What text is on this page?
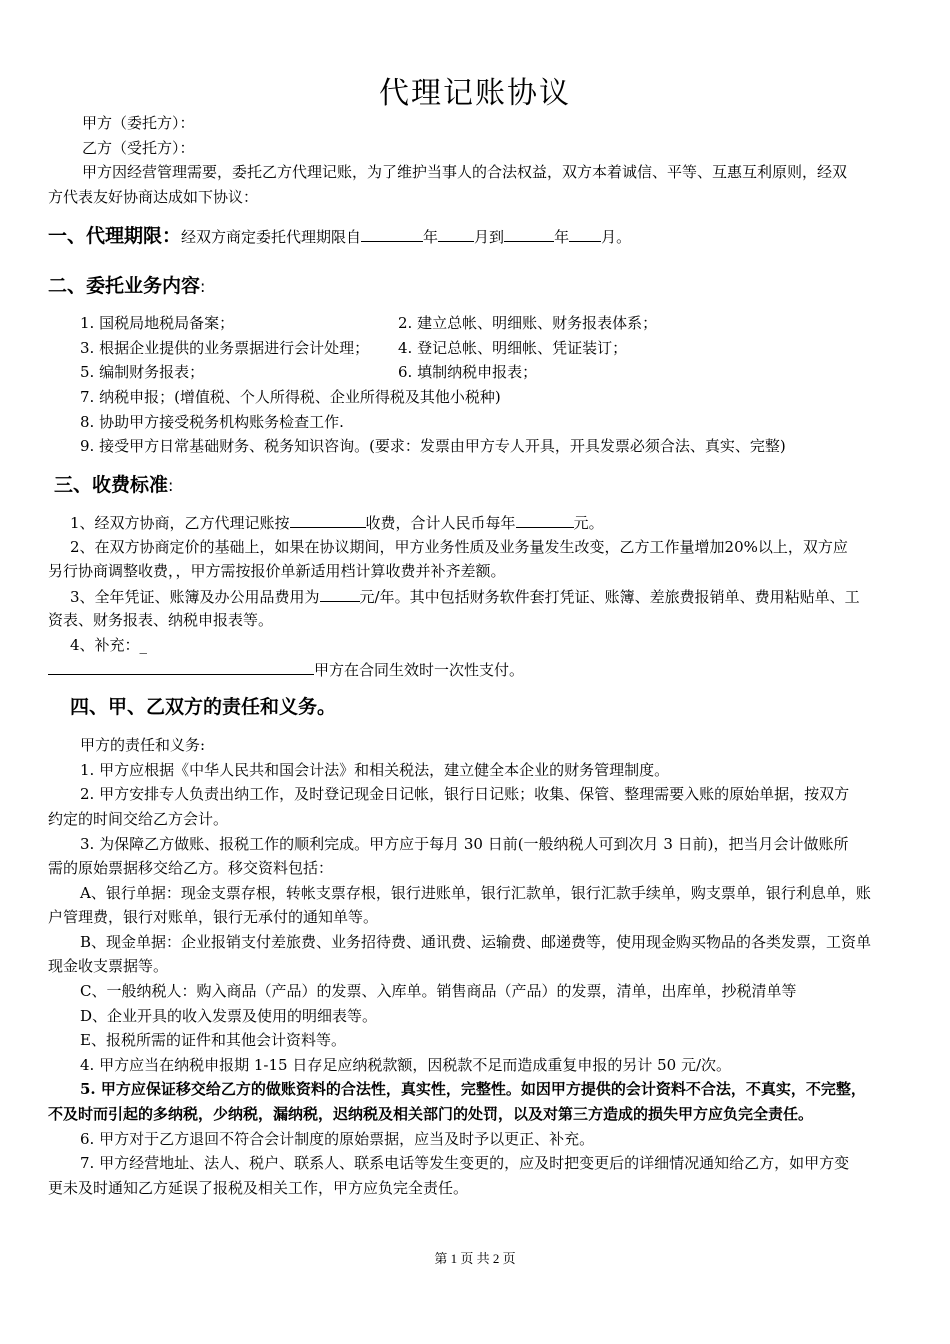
代理记账协议
甲方（委托方）：
乙方（受托方）：
甲方因经营管理需要，委托乙方代理记账，为了维护当事人的合法权益，双方本着诚信、平等、互惠互利原则，经双
方代表友好协商达成如下协议：
一、代理期限：经双方商定委托代理期限自	年 月到	年 月。
二、委托业务内容:
1. 国税局地税局备案；	2. 建立总帐、明细账、财务报表体系；
3. 根据企业提供的业务票据进行会计处理； 4. 登记总帐、明细帐、凭证装订；
5. 编制财务报表；	6. 填制纳税申报表；
7. 纳税申报；(增值税、个人所得税、企业所得税及其他小税种)
8. 协助甲方接受税务机构账务检查工作.
9. 接受甲方日常基础财务、税务知识咨询。(要求：发票由甲方专人开具，开具发票必须合法、真实、完整)
三、收费标准:
1、经双方协商，乙方代理记账按	收费，合计人民币每年	元。
2、在双方协商定价的基础上，如果在协议期间，甲方业务性质及业务量发生改变，乙方工作量增加20%以上，双方应
另行协商调整收费，，甲方需按报价单新适用档计算收费并补齐差额。
3、全年凭证、账簿及办公用品费用为	元/年。其中包括财务软件套打凭证、账簿、差旅费报销单、费用粘贴单、工
资表、财务报表、纳税申报表等。
4、补充：_
甲方在合同生效时一次性支付。
四、甲、乙双方的责任和义务。
甲方的责任和义务:
1. 甲方应根据《中华人民共和国会计法》和相关税法，建立健全本企业的财务管理制度。
2. 甲方安排专人负责出纳工作，及时登记现金日记帐，银行日记账；收集、保管、整理需要入账的原始单据，按双方
约定的时间交给乙方会计。
3. 为保障乙方做账、报税工作的顺利完成。甲方应于每月 30 日前(一般纳税人可到次月 3 日前)，把当月会计做账所
需的原始票据移交给乙方。移交资料包括：
A、银行单据：现金支票存根，转帐支票存根，银行进账单，银行汇款单，银行汇款手续单，购支票单，银行利息单，账
户管理费，银行对账单，银行无承付的通知单等。
B、现金单据：企业报销支付差旅费、业务招待费、通讯费、运输费、邮递费等，使用现金购买物品的各类发票，工资单
现金收支票据等。
C、一般纳税人：购入商品（产品）的发票、入库单。销售商品（产品）的发票，清单，出库单，抄税清单等
D、企业开具的收入发票及使用的明细表等。
E、报税所需的证件和其他会计资料等。
4. 甲方应当在纳税申报期 1-15 日存足应纳税款额，因税款不足而造成重复申报的另计 50 元/次。
5. 甲方应保证移交给乙方的做账资料的合法性，真实性，完整性。如因甲方提供的会计资料不合法，不真实，不完整，
不及时而引起的多纳税，少纳税，漏纳税，迟纳税及相关部门的处罚，以及对第三方造成的损失甲方应负完全责任。
6. 甲方对于乙方退回不符合会计制度的原始票据，应当及时予以更正、补充。
7. 甲方经营地址、法人、税户、联系人、联系电话等发生变更的，应及时把变更后的详细情况通知给乙方，如甲方变
更未及时通知乙方延误了报税及相关工作，甲方应负完全责任。
第 1 页 共 2 页
